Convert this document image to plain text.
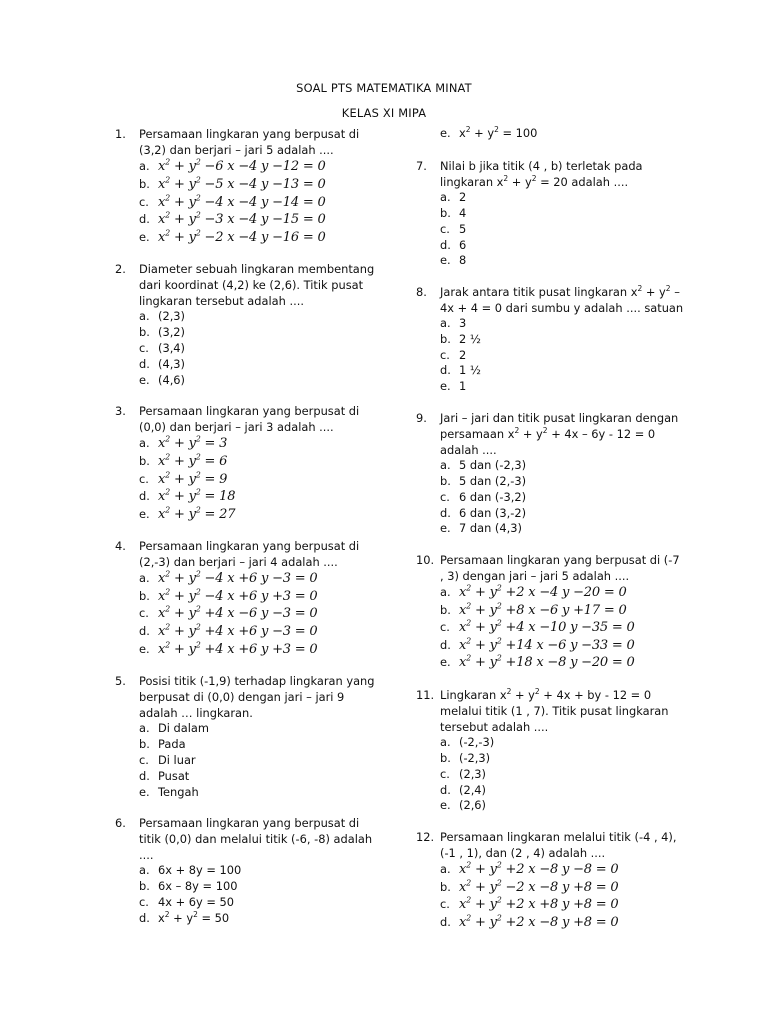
SOAL PTS MATEMATIKA MINAT
KELAS XI MIPA
1. Persamaan lingkaran yang berpusat di (3,2) dan berjari – jari 5 adalah ....
a. $x^2 + y^2 -6$ x −4 y −12 = 0
b. $x^2 + y^2 -5$ x −4 y −13 = 0
c. $x^2 + y^2 -4$ x −4 y −14 = 0
d. $x^2 + y^2 -3$ x −4 y −15 = 0
e. $x^2 + y^2 -2$ x −4 y −16 = 0
2. Diameter sebuah lingkaran membentang dari koordinat (4,2) ke (2,6). Titik pusat lingkaran tersebut adalah ....
a. (2,3)
b. (3,2)
c. (3,4)
d. (4,3)
e. (4,6)
3. Persamaan lingkaran yang berpusat di (0,0) dan berjari – jari 3 adalah ....
a. $x^2 + y^2 = 3$
b. $x^2 + y^2 = 6$
c. $x^2 + y^2 = 9$
d. $x^2 + y^2 = 18$
e. $x^2 + y^2 = 27$
4. Persamaan lingkaran yang berpusat di (2,-3) dan berjari – jari 4 adalah ....
a. $x^2 + y^2 -4$ x +6 y −3 = 0
b. $x^2 + y^2 -4$ x +6 y +3 = 0
c. $x^2 + y^2 +4$ x −6 y −3 = 0
d. $x^2 + y^2 +4$ x +6 y −3 = 0
e. $x^2 + y^2 +4$ x +6 y +3 = 0
5. Posisi titik (-1,9) terhadap lingkaran yang berpusat di (0,0) dengan jari – jari 9 adalah … lingkaran.
a. Di dalam
b. Pada
c. Di luar
d. Pusat
e. Tengah
6. Persamaan lingkaran yang berpusat di titik (0,0) dan melalui titik (-6, -8) adalah ....
a. 6x + 8y = 100
b. 6x – 8y = 100
c. 4x + 6y = 50
d. $x^2 + y^2 = 50$
e. $x^2 + y^2 = 100$
7. Nilai b jika titik (4 , b) terletak pada lingkaran $x^2 + y^2 = 20$ adalah ....
a. 2
b. 4
c. 5
d. 6
e. 8
8. Jarak antara titik pusat lingkaran $x^2 + y^2 - 4x + 4 = 0$ dari sumbu y adalah .... satuan
a. 3
b. 2 ½
c. 2
d. 1 ½
e. 1
9. Jari – jari dan titik pusat lingkaran dengan persamaan $x^2 + y^2 + 4x - 6y - 12 = 0$ adalah ....
a. 5 dan (-2,3)
b. 5 dan (2,-3)
c. 6 dan (-3,2)
d. 6 dan (3,-2)
e. 7 dan (4,3)
10. Persamaan lingkaran yang berpusat di (-7 , 3) dengan jari – jari 5 adalah ....
a. $x^2 + y^2 +2$ x −4 y −20 = 0
b. $x^2 + y^2 +8$ x −6 y +17 = 0
c. $x^2 + y^2 +4$ x −10 y −35 = 0
d. $x^2 + y^2 +14$ x −6 y −33 = 0
e. $x^2 + y^2 +18$ x −8 y −20 = 0
11. Lingkaran $x^2 + y^2 + 4x$ + by - 12 = 0 melalui titik (1 , 7). Titik pusat lingkaran tersebut adalah ....
a. (-2,-3)
b. (-2,3)
c. (2,3)
d. (2,4)
e. (2,6)
12. Persamaan lingkaran melalui titik (-4 , 4), (-1 , 1), dan (2 , 4) adalah ....
a. $x^2 + y^2 +2$ x −8 y −8 = 0
b. $x^2 + y^2 -2$ x −8 y +8 = 0
c. $x^2 + y^2 +2$ x +8 y +8 = 0
d. $x^2 + y^2 +2$ x −8 y +8 = 0
